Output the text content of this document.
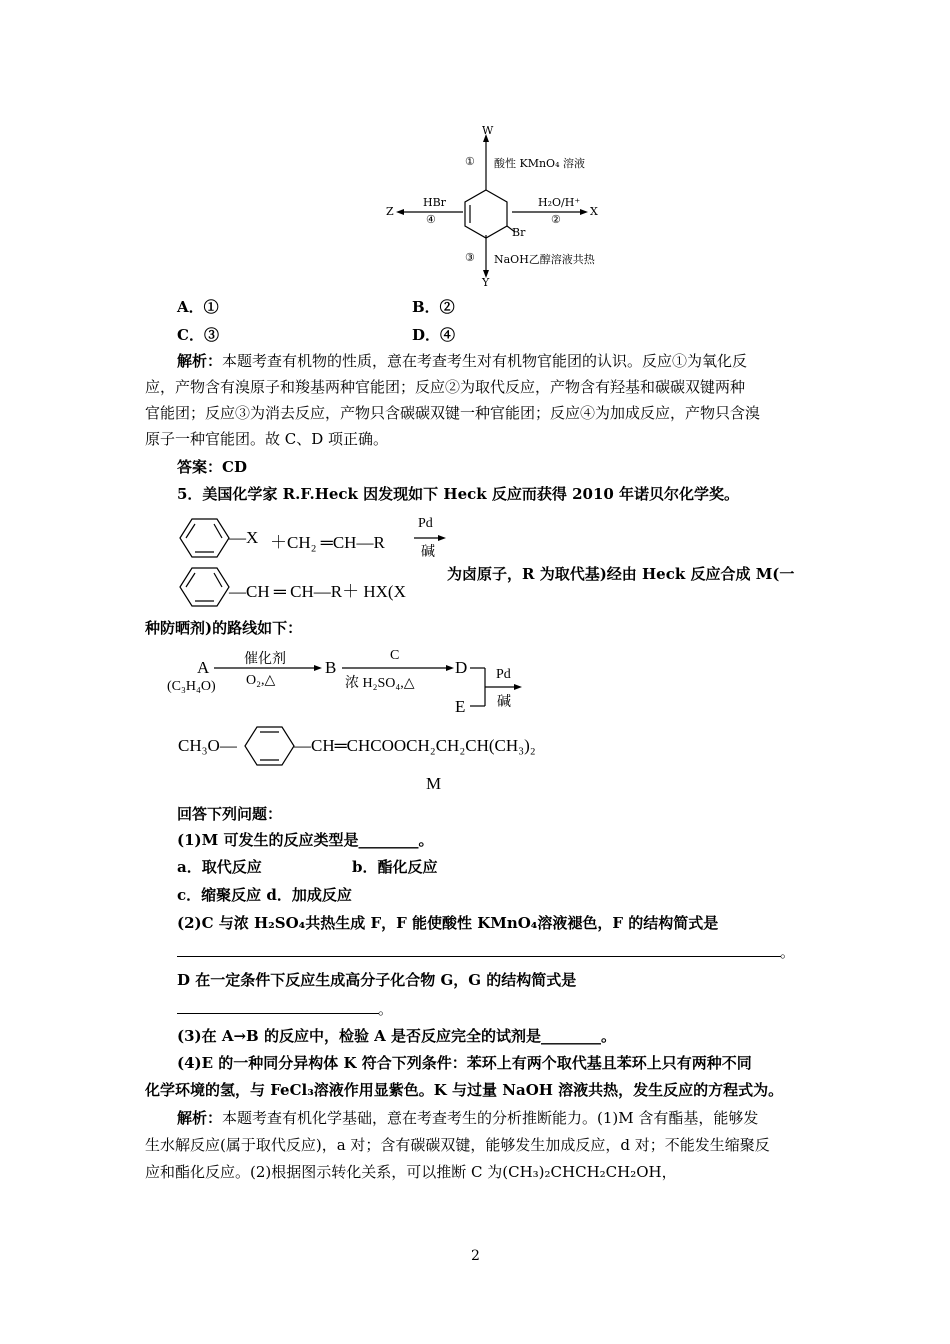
W
① 酸性 KMnO₄ 溶液
Z
HBr
④
X
H₂O/H⁺
②
Br
③ NaOH乙醇溶液共热
Y
A．①	B．②
C．③	D．④
解析：本题考查有机物的性质，意在考查考生对有机物官能团的认识。反应①为氧化反
应，产物含有溴原子和羧基两种官能团；反应②为取代反应，产物含有羟基和碳碳双键两种
官能团；反应③为消去反应，产物只含碳碳双键一种官能团；反应④为加成反应，产物只含溴
原子一种官能团。故 C、D 项正确。
答案：CD
5．美国化学家 R.F.Heck 因发现如下 Heck 反应而获得 2010 年诺贝尔化学奖。
—X ＋CH₂ ═CH—R
Pd
碱
—CH ═ CH—R＋ HX(X
为卤原子，R 为取代基)经由 Heck 反应合成 M(一
种防晒剂)的路线如下：
A
(C₃H₄O)
催化剂
O₂,△
B
C
浓 H₂SO₄,△
D
E
Pd
碱
CH₃O—	—CH═CHCOOCH₂CH₂CH(CH₃)₂
M
回答下列问题：
(1)M 可发生的反应类型是________。
a．取代反应	b．酯化反应
c．缩聚反应 d．加成反应
(2)C 与浓 H₂SO₄共热生成 F，F 能使酸性 KMnO₄溶液褪色，F 的结构简式是
。
D 在一定条件下反应生成高分子化合物 G，G 的结构简式是
。
(3)在 A→B 的反应中，检验 A 是否反应完全的试剂是________。
(4)E 的一种同分异构体 K 符合下列条件：苯环上有两个取代基且苯环上只有两种不同
化学环境的氢，与 FeCl₃溶液作用显紫色。K 与过量 NaOH 溶液共热，发生反应的方程式为。
解析：本题考查有机化学基础，意在考查考生的分析推断能力。(1)M 含有酯基，能够发
生水解反应(属于取代反应)，a 对；含有碳碳双键，能够发生加成反应，d 对；不能发生缩聚反
应和酯化反应。(2)根据图示转化关系，可以推断 C 为(CH₃)₂CHCH₂CH₂OH，
2
